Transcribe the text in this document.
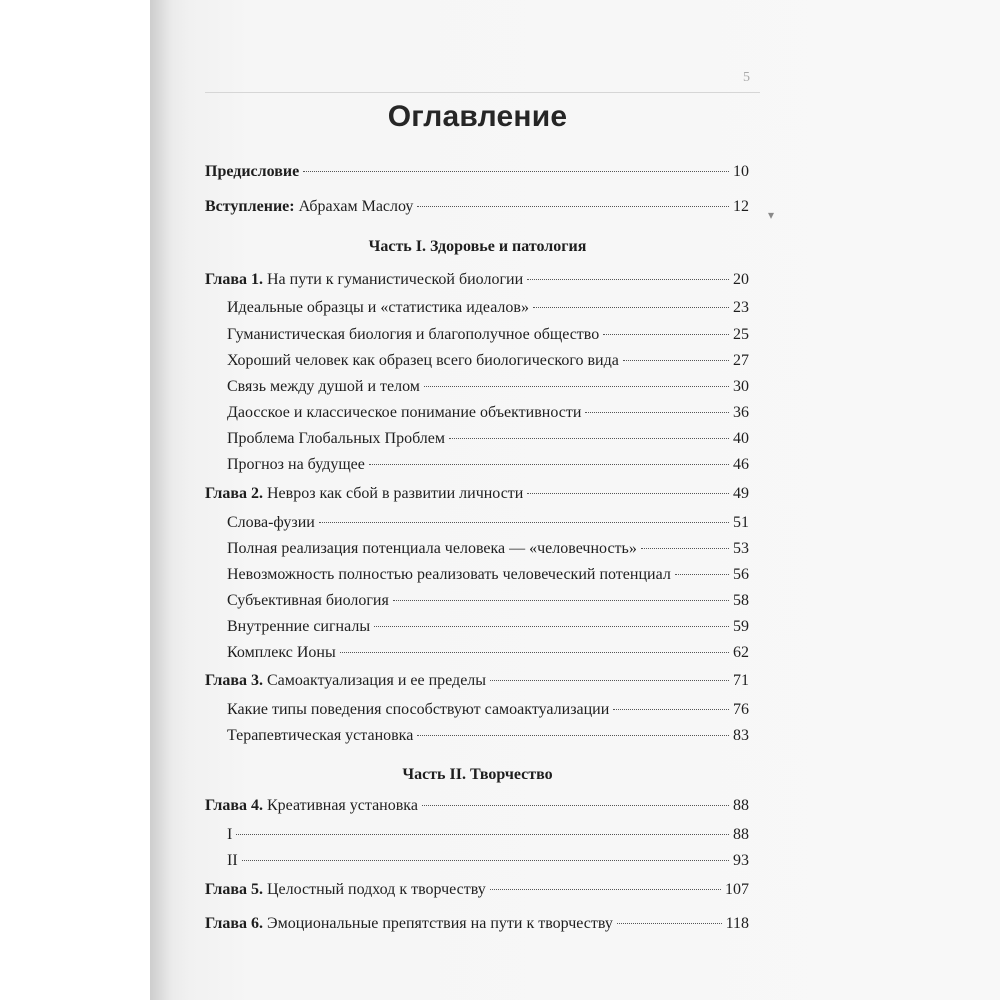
5
▾
Оглавление
Предисловие	10
Вступление: Абрахам Маслоу	12
Часть I. Здоровье и патология
Глава 1. На пути к гуманистической биологии	20
Идеальные образцы и «статистика идеалов»	23
Гуманистическая биология и благополучное общество	25
Хороший человек как образец всего биологического вида	27
Связь между душой и телом	30
Даосское и классическое понимание объективности	36
Проблема Глобальных Проблем	40
Прогноз на будущее	46
Глава 2. Невроз как сбой в развитии личности	49
Слова-фузии	51
Полная реализация потенциала человека — «человечность»	53
Невозможность полностью реализовать человеческий потенциал	56
Субъективная биология	58
Внутренние сигналы	59
Комплекс Ионы	62
Глава 3. Самоактуализация и ее пределы	71
Какие типы поведения способствуют самоактуализации	76
Терапевтическая установка	83
Часть II. Творчество
Глава 4. Креативная установка	88
I	88
II	93
Глава 5. Целостный подход к творчеству	107
Глава 6. Эмоциональные препятствия на пути к творчеству	118
